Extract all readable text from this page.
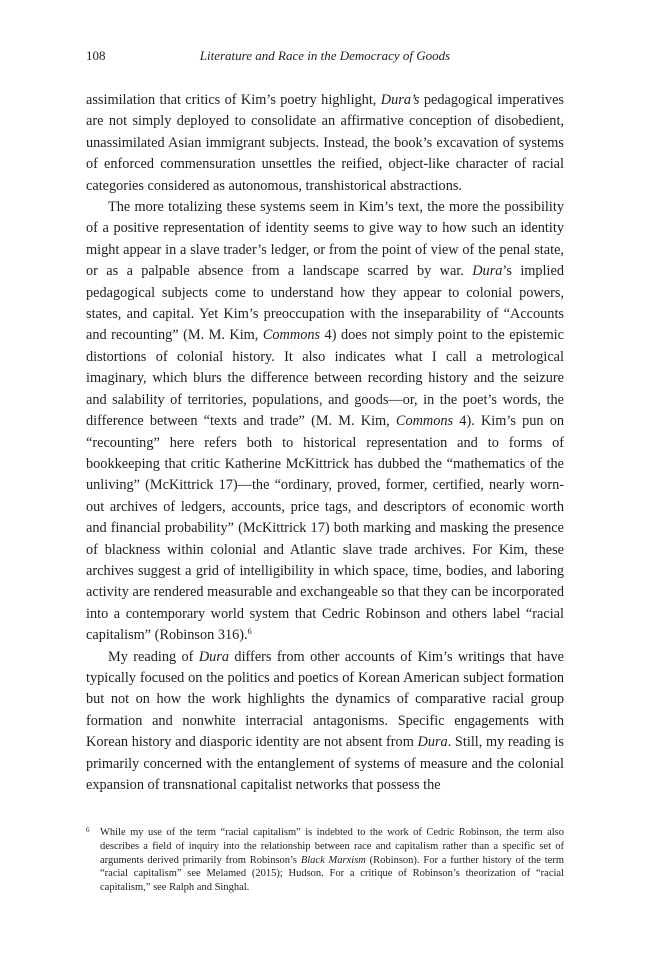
108	Literature and Race in the Democracy of Goods

assimilation that critics of Kim’s poetry highlight, Dura’s pedagogical imperatives are not simply deployed to consolidate an affirmative conception of disobedient, unassimilated Asian immigrant subjects. Instead, the book’s excavation of systems of enforced commensuration unsettles the reified, object-like character of racial categories considered as autonomous, transhistorical abstractions.

The more totalizing these systems seem in Kim’s text, the more the possibility of a positive representation of identity seems to give way to how such an identity might appear in a slave trader’s ledger, or from the point of view of the penal state, or as a palpable absence from a landscape scarred by war. Dura’s implied pedagogical subjects come to understand how they appear to colonial powers, states, and capital. Yet Kim’s preoccupation with the inseparability of “Accounts and recounting” (M. M. Kim, Commons 4) does not simply point to the epistemic distortions of colonial history. It also indicates what I call a metrological imaginary, which blurs the difference between recording history and the seizure and salability of territories, populations, and goods—or, in the poet’s words, the difference between “texts and trade” (M. M. Kim, Commons 4). Kim’s pun on “recounting” here refers both to historical representation and to forms of bookkeeping that critic Katherine McKittrick has dubbed the “mathematics of the unliving” (McKittrick 17)—the “ordinary, proved, former, certified, nearly worn-out archives of ledgers, accounts, price tags, and descriptors of economic worth and financial probability” (McKittrick 17) both marking and masking the presence of blackness within colonial and Atlantic slave trade archives. For Kim, these archives suggest a grid of intelligibility in which space, time, bodies, and laboring activity are rendered measurable and exchangeable so that they can be incorporated into a contemporary world system that Cedric Robinson and others label “racial capitalism” (Robinson 316).$^6$

My reading of Dura differs from other accounts of Kim’s writings that have typically focused on the politics and poetics of Korean American subject formation but not on how the work highlights the dynamics of comparative racial group formation and nonwhite interracial antagonisms. Specific engagements with Korean history and diasporic identity are not absent from Dura. Still, my reading is primarily concerned with the entanglement of systems of measure and the colonial expansion of transnational capitalist networks that possess the

6 While my use of the term “racial capitalism” is indebted to the work of Cedric Robinson, the term also describes a field of inquiry into the relationship between race and capitalism rather than a specific set of arguments derived primarily from Robinson’s Black Marxism (Robinson). For a further history of the term “racial capitalism” see Melamed (2015); Hudson. For a critique of Robinson’s theorization of “racial capitalism,” see Ralph and Singhal.
